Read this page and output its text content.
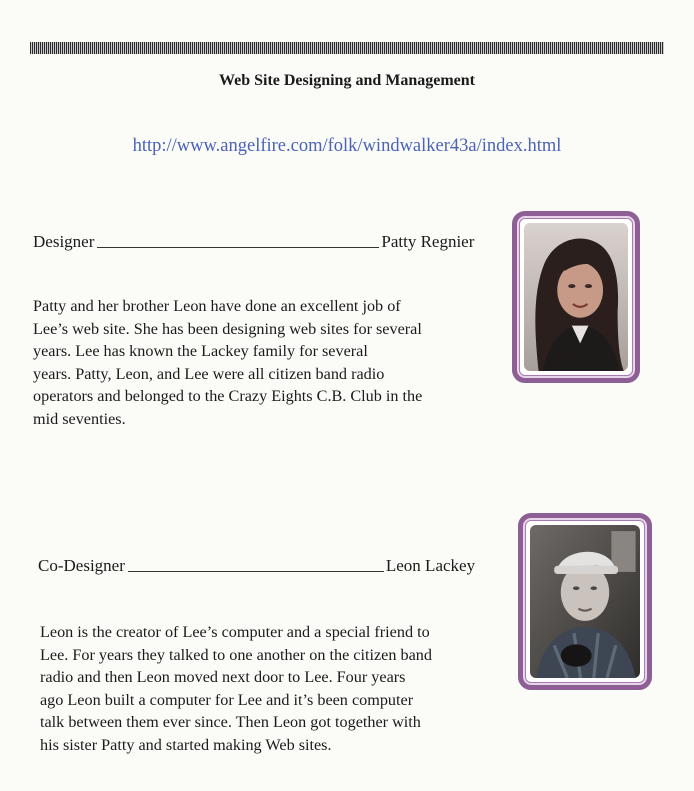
Web Site Designing and Management
http://www.angelfire.com/folk/windwalker43a/index.html
Designer	Patty Regnier

Patty and her brother Leon have done an excellent job of
Lee’s web site. She has been designing web sites for several
years. Lee has known the Lackey family for several
years. Patty, Leon, and Lee were all citizen band radio
operators and belonged to the Crazy Eights C.B. Club in the
mid seventies.

Co-Designer	Leon Lackey

Leon is the creator of Lee’s computer and a special friend to
Lee. For years they talked to one another on the citizen band
radio and then Leon moved next door to Lee. Four years
ago Leon built a computer for Lee and it’s been computer
talk between them ever since. Then Leon got together with
his sister Patty and started making Web sites.
